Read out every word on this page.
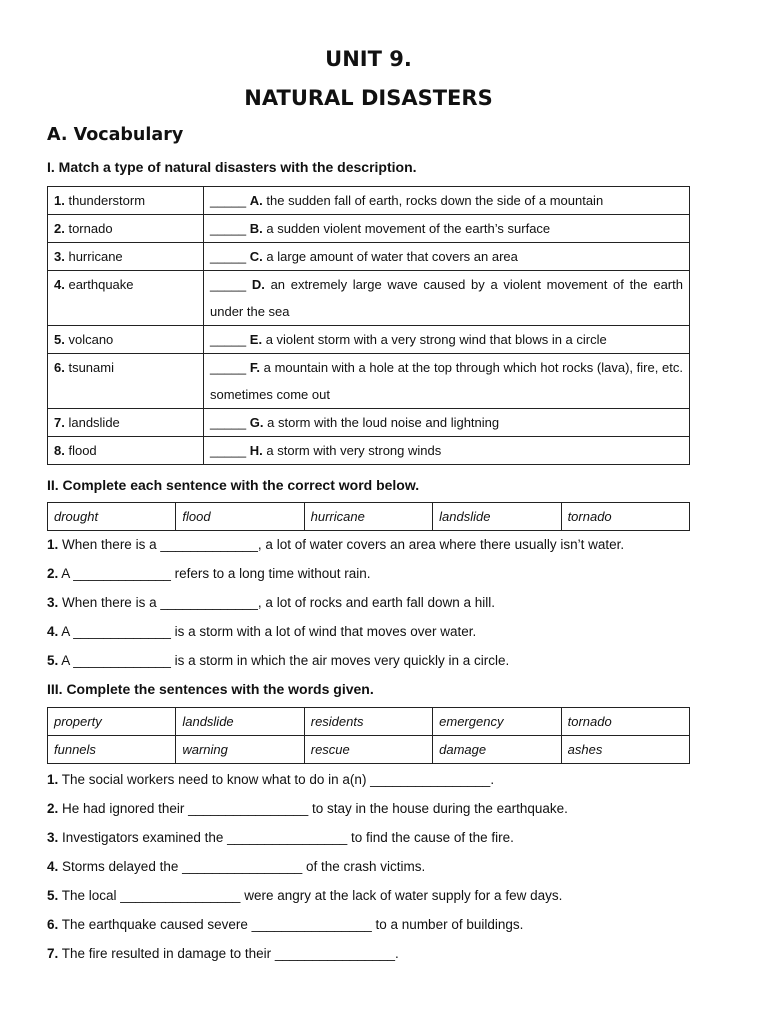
UNIT 9.
NATURAL DISASTERS
A. Vocabulary
I. Match a type of natural disasters with the description.
1. thunderstorm	_____ A. the sudden fall of earth, rocks down the side of a mountain
2. tornado	_____ B. a sudden violent movement of the earth’s surface
3. hurricane	_____ C. a large amount of water that covers an area
4. earthquake	_____ D. an extremely large wave caused by a violent movement of the earth under the sea
5. volcano	_____ E. a violent storm with a very strong wind that blows in a circle
6. tsunami	_____ F. a mountain with a hole at the top through which hot rocks (lava), fire, etc. sometimes come out
7. landslide	_____ G. a storm with the loud noise and lightning
8. flood	_____ H. a storm with very strong winds
II. Complete each sentence with the correct word below.
drought	flood	hurricane	landslide	tornado
1. When there is a _____________, a lot of water covers an area where there usually isn’t water.
2. A _____________ refers to a long time without rain.
3. When there is a _____________, a lot of rocks and earth fall down a hill.
4. A _____________ is a storm with a lot of wind that moves over water.
5. A _____________ is a storm in which the air moves very quickly in a circle.
III. Complete the sentences with the words given.
property	landslide	residents	emergency	tornado
funnels	warning	rescue	damage	ashes
1. The social workers need to know what to do in a(n) ________________.
2. He had ignored their ________________ to stay in the house during the earthquake.
3. Investigators examined the ________________ to find the cause of the fire.
4. Storms delayed the ________________ of the crash victims.
5. The local ________________ were angry at the lack of water supply for a few days.
6. The earthquake caused severe ________________ to a number of buildings.
7. The fire resulted in damage to their ________________.
